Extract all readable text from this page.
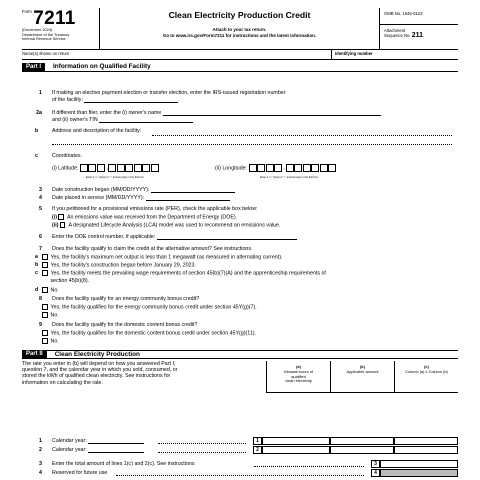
$^{Form}$ 7211
(December 2024)
Department of the Treasury
Internal Revenue Service
Clean Electricity Production Credit
Attach to your tax return.
Go to www.irs.gov/Form7211 for instructions and the latest information.
OMB No. 1545-0123
Attachment
Sequence No. 211
Name(s) shown on return	Identifying number
Part I	Information on Qualified Facility
1 If making an elective payment election or transfer election, enter the IRS-issued registration number
of the facility:
2a If different than filer, enter the (i) owner's name
and (ii) owner's TIN
b	Address and description of the facility:
c	Coordinates.
(i) Latitude:	(ii) Longitude:
Enter a "+" (plus) or "-" (minus) sign in the first box.	Enter a "+" (plus) or "-" (minus) sign in the first box.
3 Date construction began (MM/DD/YYYY):
4 Date placed in service (MM/DD/YYYY):
5 If you petitioned for a provisional emissions rate (PER), check the applicable box below:
(i) An emissions value was received from the Department of Energy (DOE).
(ii) A designated Lifecycle Analysis (LCA) model was used to recommend an emissions value.
6 Enter the DOE control number, if applicable:
7 Does the facility qualify to claim the credit at the alternative amount? See instructions.
a	Yes, the facility's maximum net output is less than 1 megawatt (as measured in alternating current).
b	Yes, the facility's construction began before January 29, 2023.
c	Yes, the facility meets the prevailing wage requirements of section 45(b)(7)(A) and the apprenticeship requirements of
section 45(b)(8).
d	No.
8 Does the facility qualify for an energy community bonus credit?
Yes, the facility qualifies for the energy community bonus credit under section 45Y(g)(7).
No.
9 Does the facility qualify for the domestic content bonus credit?
Yes, the facility qualifies for the domestic content bonus credit under section 45Y(g)(11).
No.
Part II	Clean Electricity Production
The rate you enter in (b) will depend on how you answered Part I,
question 7, and the calendar year in which you sold, consumed, or
stored the kWh of qualified clean electricity. See instructions for
information on calculating the rate.
(a)
Kilowatt-hours of
qualified
clean electricity
(b)
Applicable amount
(c)
Column (a) x Column (b)
1 Calendar year:	1
2 Calendar year:	2
3 Enter the total amount of lines 1(c) and 2(c). See instructions	3
4 Reserved for future use	4
